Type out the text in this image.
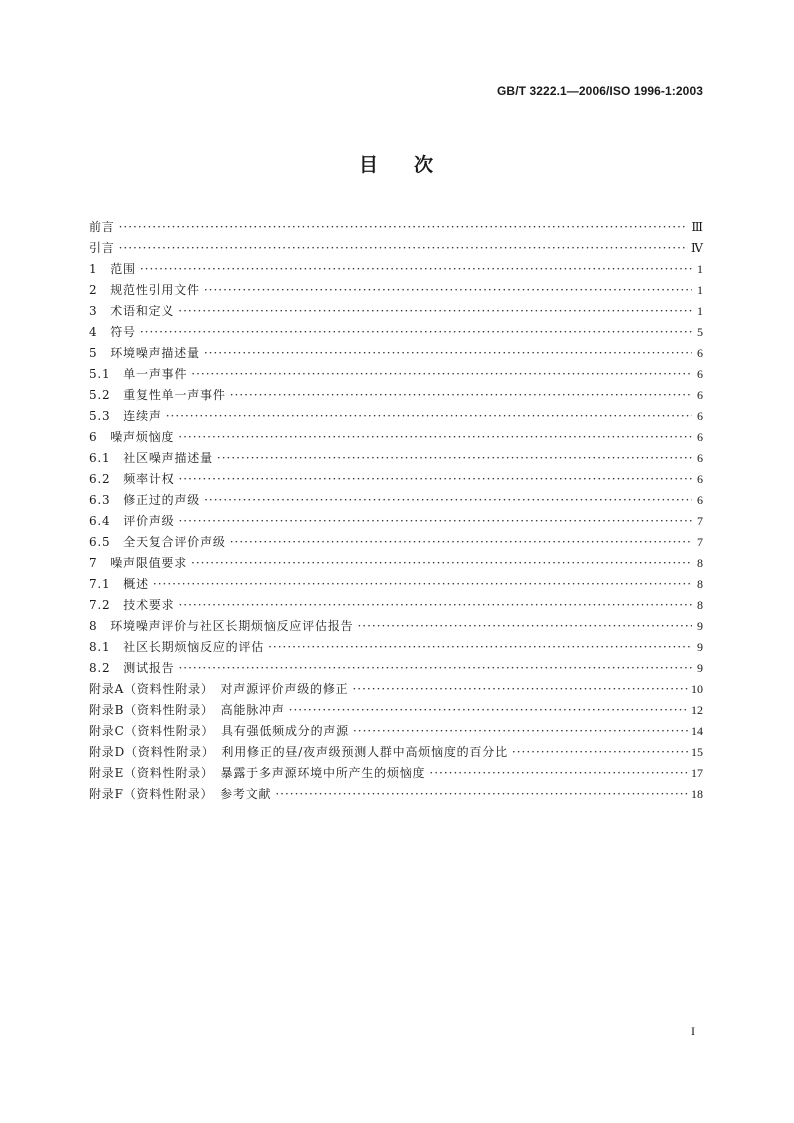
GB/T 3222.1—2006/ISO 1996-1:2003
目 次
前言 ·····	Ⅲ
引言 ·····	Ⅳ
1　范围 ·····	1
2　规范性引用文件 ·····	1
3　术语和定义 ·····	1
4　符号 ·····	5
5　环境噪声描述量 ·····	6
5.1　单一声事件 ·····	6
5.2　重复性单一声事件 ·····	6
5.3　连续声 ·····	6
6　噪声烦恼度 ·····	6
6.1　社区噪声描述量 ·····	6
6.2　频率计权 ·····	6
6.3　修正过的声级 ·····	6
6.4　评价声级 ·····	7
6.5　全天复合评价声级 ·····	7
7　噪声限值要求 ·····	8
7.1　概述 ·····	8
7.2　技术要求 ·····	8
8　环境噪声评价与社区长期烦恼反应评估报告 ·····	9
8.1　社区长期烦恼反应的评估 ·····	9
8.2　测试报告 ·····	9
附录A（资料性附录）　对声源评价声级的修正 ·····	10
附录B（资料性附录）　高能脉冲声 ·····	12
附录C（资料性附录）　具有强低频成分的声源 ·····	14
附录D（资料性附录）　利用修正的昼/夜声级预测人群中高烦恼度的百分比 ·····	15
附录E（资料性附录）　暴露于多声源环境中所产生的烦恼度 ·····	17
附录F（资料性附录）　参考文献 ·····	18
I
